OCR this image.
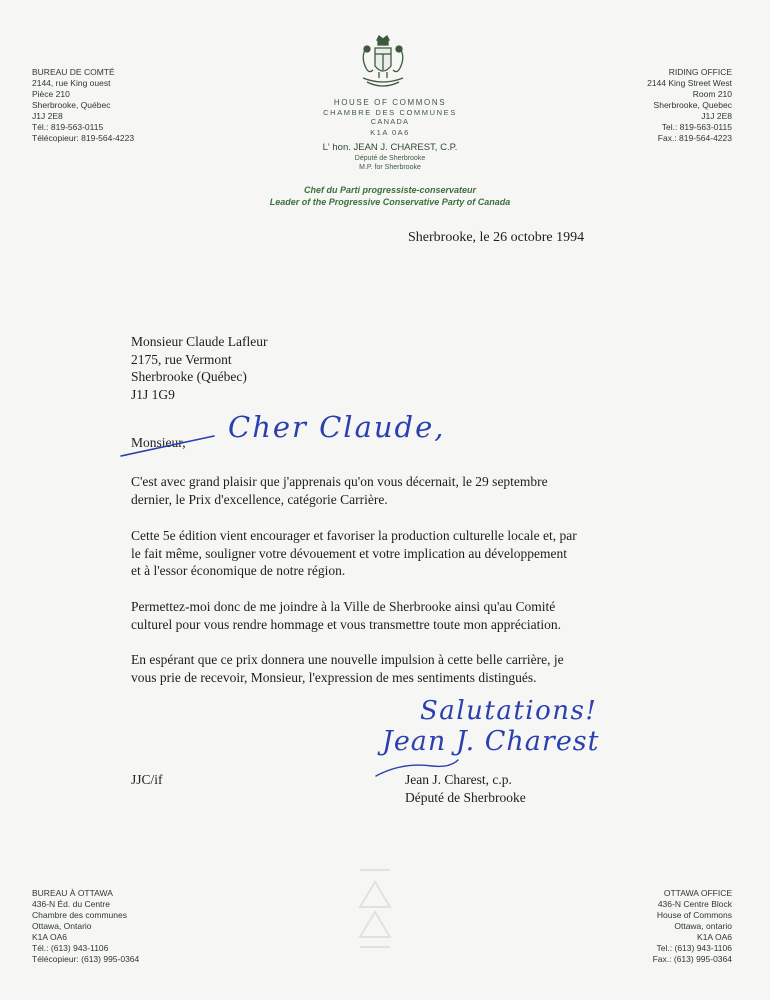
BUREAU DE COMTÉ
2144, rue King ouest
Pièce 210
Sherbrooke, Québec
J1J 2E8
Tél.: 819-563-0115
Télécopieur: 819-564-4223
RIDING OFFICE
2144 King Street West
Room 210
Sherbrooke, Quebec
J1J 2E8
Tel.: 819-563-0115
Fax.: 819-564-4223
HOUSE OF COMMONS
CHAMBRE DES COMMUNES
CANADA
K1A 0A6
L' hon. JEAN J. CHAREST, C.P.
Député de Sherbrooke
M.P. for Sherbrooke
Chef du Parti progressiste-conservateur
Leader of the Progressive Conservative Party of Canada
Sherbrooke, le 26 octobre 1994
Monsieur Claude Lafleur
2175, rue Vermont
Sherbrooke (Québec)
J1J 1G9
Monsieur, Cher Claude,
C'est avec grand plaisir que j'apprenais qu'on vous décernait, le 29 septembre
dernier, le Prix d'excellence, catégorie Carrière.
Cette 5e édition vient encourager et favoriser la production culturelle locale et, par
le fait même, souligner votre dévouement et votre implication au développement
et à l'essor économique de notre région.
Permettez-moi donc de me joindre à la Ville de Sherbrooke ainsi qu'au Comité
culturel pour vous rendre hommage et vous transmettre toute mon appréciation.
En espérant que ce prix donnera une nouvelle impulsion à cette belle carrière, je
vous prie de recevoir, Monsieur, l'expression de mes sentiments distingués.
Salutations!
Jean J. Charest
JJC/if	Jean J. Charest, c.p.
Député de Sherbrooke
BUREAU À OTTAWA
436-N Éd. du Centre
Chambre des communes
Ottawa, Ontario
K1A OA6
Tél.: (613) 943-1106
Télécopieur: (613) 995-0364
OTTAWA OFFICE
436-N Centre Block
House of Commons
Ottawa, ontario
K1A OA6
Tel.: (613) 943-1106
Fax.: (613) 995-0364
